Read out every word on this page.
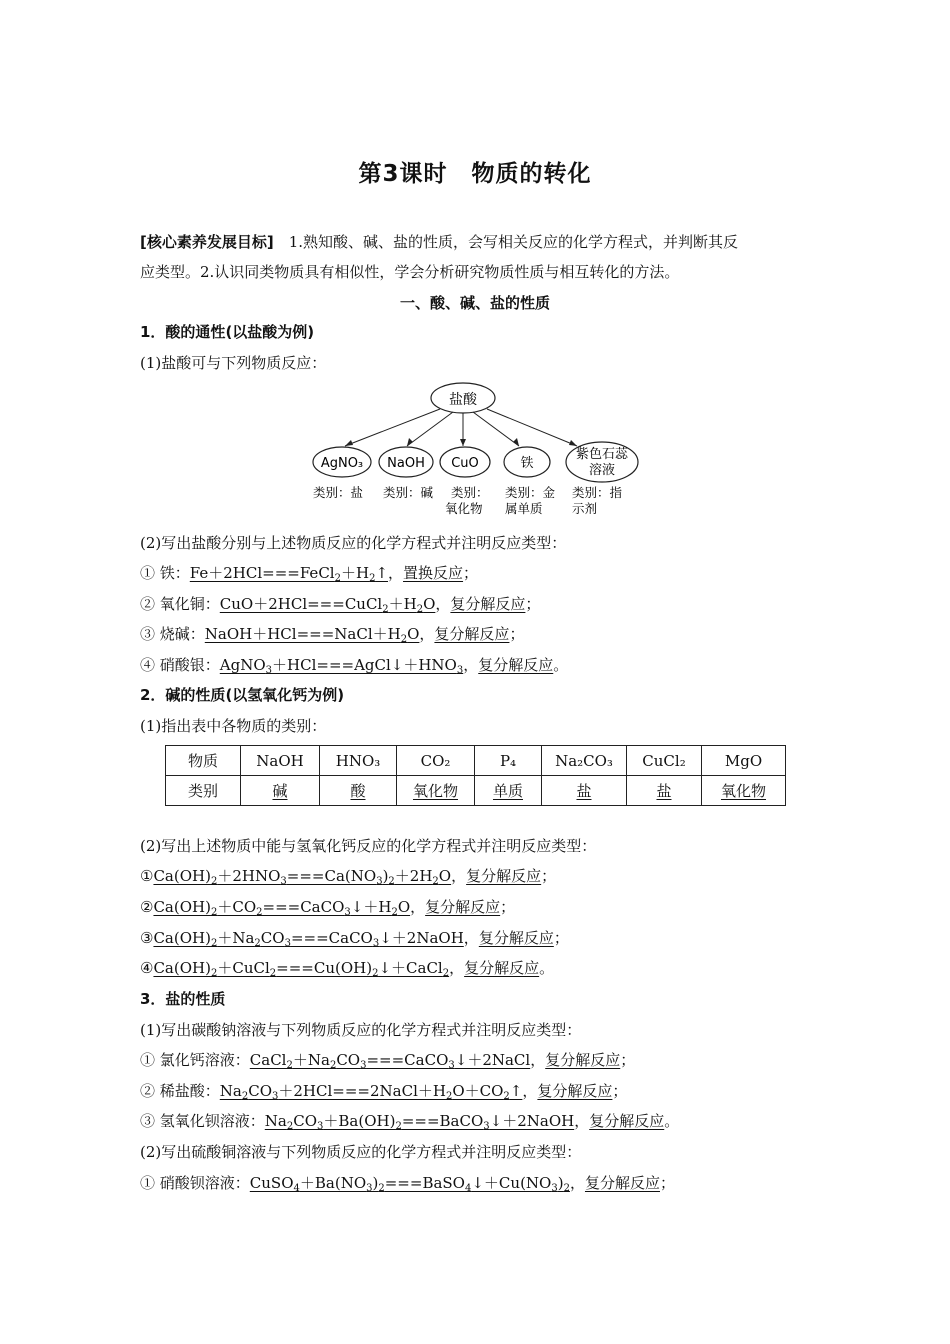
第3课时　物质的转化
[核心素养发展目标]　 1.熟知酸、碱、盐的性质，会写相关反应的化学方程式，并判断其反
应类型。2.认识同类物质具有相似性，学会分析研究物质性质与相互转化的方法。
一、酸、碱、盐的性质
1．酸的通性(以盐酸为例)
(1)盐酸可与下列物质反应：
盐酸
AgNO₃ NaOH CuO	铁
紫色石蕊
溶液
类别：盐 类别：碱 类别：
氧化物
类别：金
属单质
类别：指
示剂
(2)写出盐酸分别与上述物质反应的化学方程式并注明反应类型：
① 铁：$Fe+2HCl===FeCl_2+H_2↑$，置换反应；
② 氧化铜：$CuO+2HCl===CuCl_2+H_2O$，复分解反应；
③ 烧碱：$NaOH+HCl===NaCl+H_2O$，复分解反应；
④ 硝酸银：$AgNO_3+HCl===AgCl↓+HNO_3$，复分解反应。
2．碱的性质(以氢氧化钙为例)
(1)指出表中各物质的类别：
物质	NaOH	HNO₃	CO₂	P₄	Na₂CO₃	CuCl₂	MgO
类别	碱	酸	氧化物	单质	盐	盐	氧化物
(2)写出上述物质中能与氢氧化钙反应的化学方程式并注明反应类型：
$①Ca(OH)_2+2HNO_3===Ca(NO_3)_2+2H_2O$，复分解反应；
$②Ca(OH)_2+CO_2===CaCO_3↓+H_2O$，复分解反应；
$③Ca(OH)_2+Na_2CO_3===CaCO_3↓+2NaOH$，复分解反应；
$④Ca(OH)_2+CuCl_2===Cu(OH)_2↓+CaCl_2$，复分解反应。
3．盐的性质
(1)写出碳酸钠溶液与下列物质反应的化学方程式并注明反应类型：
① 氯化钙溶液：$CaCl_2+Na_2CO_3===CaCO_3↓+2NaCl$，复分解反应；
② 稀盐酸：$Na_2CO_3+2HCl===2NaCl+H_2O+CO_2↑$，复分解反应；
③ 氢氧化钡溶液：$Na_2CO_3+Ba(OH)_2===BaCO_3↓+2NaOH$，复分解反应。
(2)写出硫酸铜溶液与下列物质反应的化学方程式并注明反应类型：
① 硝酸钡溶液：$CuSO_4+Ba(NO_3)_2===BaSO_4↓+Cu(NO_3)_2$，复分解反应；
